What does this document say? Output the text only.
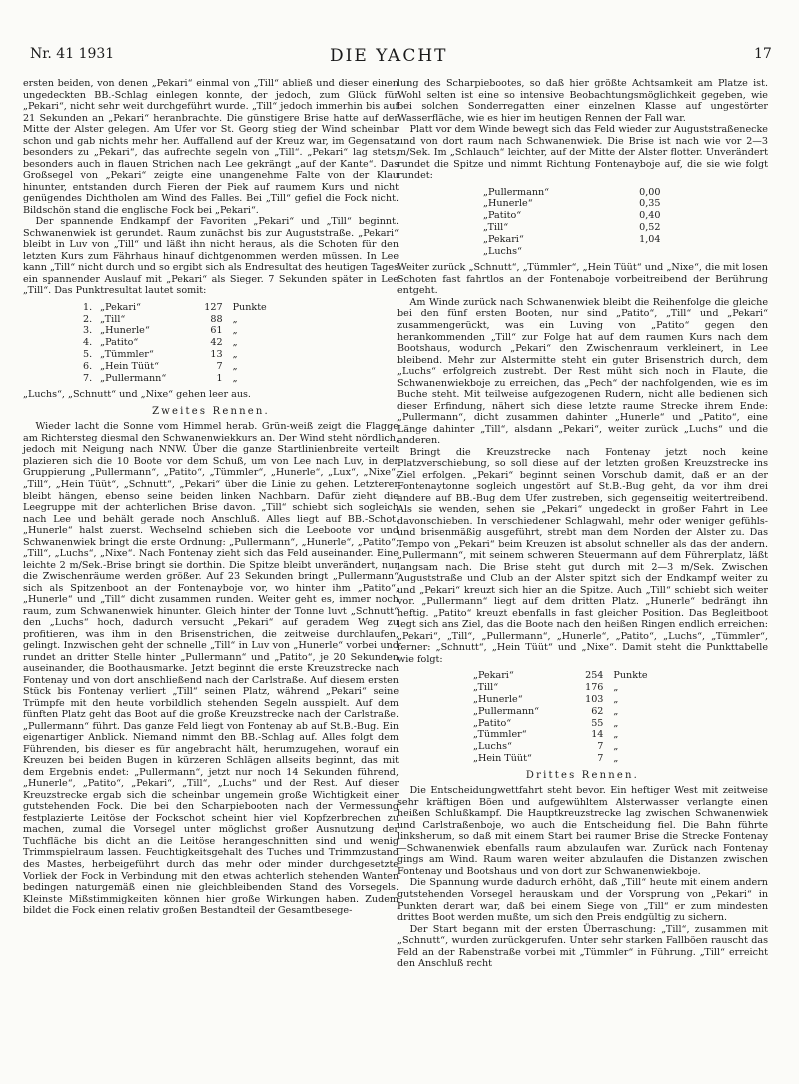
Nr. 41 1931	DIE YACHT	17

ersten beiden, von denen „Pekari“ einmal von „Till“ abließ und dieser einen ungedeckten BB.-Schlag einlegen konnte, der jedoch, zum Glück für „Pekari“, nicht sehr weit durchgeführt wurde. „Till“ jedoch immerhin bis auf 21 Sekunden an „Pekari“ heranbrachte. Die günstigere Brise hatte auf der Mitte der Alster gelegen. Am Ufer vor St. Georg stieg der Wind scheinbar schon und gab nichts mehr her. Auffallend auf der Kreuz war, im Gegensatz besonders zu „Pekari“, das aufrechte segeln von „Till“. „Pekari“ lag stets, besonders auch in flauen Strichen nach Lee gekrängt „auf der Kante“. Das Großsegel von „Pekari“ zeigte eine unangenehme Falte von der Klau hinunter, entstanden durch Fieren der Piek auf raumem Kurs und nicht genügendes Dichtholen am Wind des Falles. Bei „Till“ gefiel die Fock nicht. Bildschön stand die englische Fock bei „Pekari“.

Der spannende Endkampf der Favoriten „Pekari“ und „Till“ beginnt. Schwanenwiek ist gerundet. Raum zunächst bis zur Auguststraße. „Pekari“ bleibt in Luv von „Till“ und läßt ihn nicht heraus, als die Schoten für den letzten Kurs zum Fährhaus hinauf dichtgenommen werden müssen. In Lee kann „Till“ nicht durch und so ergibt sich als Endresultat des heutigen Tages ein spannender Auslauf mit „Pekari“ als Sieger. 7 Sekunden später in Lee „Till“. Das Punktresultat lautet somit:

1.	„Pekari“	127	Punkte
2.	„Till“	88	„
3.	„Hunerle“	61	„
4.	„Patito“	42	„
5.	„Tümmler“	13	„
6.	„Hein Tüüt“	7	„
7.	„Pullermann“	1	„

„Luchs“, „Schnutt“ und „Nixe“ gehen leer aus.

Zweites Rennen.

Wieder lacht die Sonne vom Himmel herab. Grün-weiß zeigt die Flagge am Richtersteg diesmal den Schwanenwiekkurs an. Der Wind steht nördlich, jedoch mit Neigung nach NNW. Über die ganze Startlinienbreite verteilt plazieren sich die 10 Boote vor dem Schuß, um von Lee nach Luv, in der Gruppierung „Pullermann“, „Patito“, „Tümmler“, „Hunerle“, „Lux“, „Nixe“, „Till“, „Hein Tüüt“, „Schnutt“, „Pekari“ über die Linie zu gehen. Letzterer bleibt hängen, ebenso seine beiden linken Nachbarn. Dafür zieht die Leegruppe mit der achterlichen Brise davon. „Till“ schiebt sich sogleich nach Lee und behält gerade noch Anschluß. Alles liegt auf BB.-Schot. „Hunerle“ halst zuerst. Wechselnd schieben sich die Leeboote vor und Schwanenwiek bringt die erste Ordnung: „Pullermann“, „Hunerle“, „Patito“, „Till“, „Luchs“, „Nixe“. Nach Fontenay zieht sich das Feld auseinander. Eine leichte 2 m/Sek.-Brise bringt sie dorthin. Die Spitze bleibt unverändert, nur die Zwischenräume werden größer. Auf 23 Sekunden bringt „Pullermann“ sich als Spitzenboot an der Fontenayboje vor, wo hinter ihm „Patito“, „Hunerle“ und „Till“ dicht zusammen runden. Weiter geht es, immer noch raum, zum Schwanenwiek hinunter. Gleich hinter der Tonne luvt „Schnutt“ den „Luchs“ hoch, dadurch versucht „Pekari“ auf geradem Weg zu profitieren, was ihm in den Brisenstrichen, die zeitweise durchlaufen, gelingt. Inzwischen geht der schnelle „Till“ in Luv von „Hunerle“ vorbei und rundet an dritter Stelle hinter „Pullermann“ und „Patito“, je 20 Sekunden auseinander, die Boothausmarke. Jetzt beginnt die erste Kreuzstrecke nach Fontenay und von dort anschließend nach der Carlstraße. Auf diesem ersten Stück bis Fontenay verliert „Till“ seinen Platz, während „Pekari“ seine Trümpfe mit den heute vorbildlich stehenden Segeln ausspielt. Auf dem fünften Platz geht das Boot auf die große Kreuzstrecke nach der Carlstraße. „Pullermann“ führt. Das ganze Feld liegt von Fontenay ab auf St.B.-Bug. Ein eigenartiger Anblick. Niemand nimmt den BB.-Schlag auf. Alles folgt dem Führenden, bis dieser es für angebracht hält, herumzugehen, worauf ein Kreuzen bei beiden Bugen in kürzeren Schlägen allseits beginnt, das mit dem Ergebnis endet: „Pullermann“, jetzt nur noch 14 Sekunden führend, „Hunerle“, „Patito“, „Pekari“, „Till“, „Luchs“ und der Rest. Auf dieser Kreuzstrecke ergab sich die scheinbar ungemein große Wichtigkeit einer gutstehenden Fock. Die bei den Scharpiebooten nach der Vermessung festplazierte Leitöse der Fockschot scheint hier viel Kopfzerbrechen zu machen, zumal die Vorsegel unter möglichst großer Ausnutzung der Tuchfläche bis dicht an die Leitöse herangeschnitten sind und wenig Trimmspielraum lassen. Feuchtigkeitsgehalt des Tuches und Trimmzustand des Mastes, herbeigeführt durch das mehr oder minder durchgesetzte Vorliek der Fock in Verbindung mit den etwas achterlich stehenden Wanten bedingen naturgemäß einen nie gleichbleibenden Stand des Vorsegels. Kleinste Mißstimmigkeiten können hier große Wirkungen haben. Zudem bildet die Fock einen relativ großen Bestandteil der Gesamtbesege-

lung des Scharpiebootes, so daß hier größte Achtsamkeit am Platze ist. Wohl selten ist eine so intensive Beobachtungsmöglichkeit gegeben, wie bei solchen Sonderregatten einer einzelnen Klasse auf ungestörter Wasserfläche, wie es hier im heutigen Rennen der Fall war.

Platt vor dem Winde bewegt sich das Feld wieder zur Auguststraßenecke und von dort raum nach Schwanenwiek. Die Brise ist nach wie vor 2—3 m/Sek. Im „Schlauch“ leichter, auf der Mitte der Alster flotter. Unverändert rundet die Spitze und nimmt Richtung Fontenayboje auf, die sie wie folgt rundet:

„Pullermann“	0,00
„Hunerle“	0,35
„Patito“	0,40
„Till“	0,52
„Pekari“	1,04
„Luchs“	

Weiter zurück „Schnutt“, „Tümmler“, „Hein Tüüt“ und „Nixe“, die mit losen Schoten fast fahrtlos an der Fontenaboje vorbeitreibend der Berührung entgeht.

Am Winde zurück nach Schwanenwiek bleibt die Reihenfolge die gleiche bei den fünf ersten Booten, nur sind „Patito“, „Till“ und „Pekari“ zusammengerückt, was ein Luving von „Patito“ gegen den herankommenden „Till“ zur Folge hat auf dem raumen Kurs nach dem Bootshaus, wodurch „Pekari“ den Zwischenraum verkleinert, in Lee bleibend. Mehr zur Alstermitte steht ein guter Brisenstrich durch, dem „Luchs“ erfolgreich zustrebt. Der Rest müht sich noch in Flaute, die Schwanenwiekboje zu erreichen, das „Pech“ der nachfolgenden, wie es im Buche steht. Mit teilweise aufgezogenen Rudern, nicht alle bedienen sich dieser Erfindung, nähert sich diese letzte raume Strecke ihrem Ende: „Pullermann“, dicht zusammen dahinter „Hunerle“ und „Patito“, eine Länge dahinter „Till“, alsdann „Pekari“, weiter zurück „Luchs“ und die anderen.

Bringt die Kreuzstrecke nach Fontenay jetzt noch keine Platzverschiebung, so soll diese auf der letzten großen Kreuzstrecke ins Ziel erfolgen. „Pekari“ beginnt seinen Vorschub damit, daß er an der Fontenaytonne sogleich ungestört auf St.B.-Bug geht, da vor ihm drei andere auf BB.-Bug dem Ufer zustreben, sich gegenseitig weitertreibend. Als sie wenden, sehen sie „Pekari“ ungedeckt in großer Fahrt in Lee davonschieben. In verschiedener Schlagwahl, mehr oder weniger gefühls- und brisenmäßig ausgeführt, strebt man dem Norden der Alster zu. Das Tempo von „Pekari“ beim Kreuzen ist absolut schneller als das der andern. „Pullermann“, mit seinem schweren Steuermann auf dem Führerplatz, läßt langsam nach. Die Brise steht gut durch mit 2—3 m/Sek. Zwischen Auguststraße und Club an der Alster spitzt sich der Endkampf weiter zu und „Pekari“ kreuzt sich hier an die Spitze. Auch „Till“ schiebt sich weiter vor. „Pullermann“ liegt auf dem dritten Platz. „Hunerle“ bedrängt ihn heftig. „Patito“ kreuzt ebenfalls in fast gleicher Position. Das Begleitboot legt sich ans Ziel, das die Boote nach den heißen Ringen endlich erreichen: „Pekari“, „Till“, „Pullermann“, „Hunerle“, „Patito“, „Luchs“, „Tümmler“, ferner: „Schnutt“, „Hein Tüüt“ und „Nixe“. Damit steht die Punkttabelle wie folgt:

„Pekari“	254	Punkte
„Till“	176	„
„Hunerle“	103	„
„Pullermann“	62	„
„Patito“	55	„
„Tümmler“	14	„
„Luchs“	7	„
„Hein Tüüt“	7	„
Drittes Rennen.

Die Entscheidungwettfahrt steht bevor. Ein heftiger West mit zeitweise sehr kräftigen Böen und aufgewühltem Alsterwasser verlangte einen heißen Schlußkampf. Die Hauptkreuzstrecke lag zwischen Schwanenwiek und Carlstraßenboje, wo auch die Entscheidung fiel. Die Bahn führte linksherum, so daß mit einem Start bei raumer Brise die Strecke Fontenay—Schwanenwiek ebenfalls raum abzulaufen war. Zurück nach Fontenay gings am Wind. Raum waren weiter abzulaufen die Distanzen zwischen Fontenay und Bootshaus und von dort zur Schwanenwiekboje.

Die Spannung wurde dadurch erhöht, daß „Till“ heute mit einem andern gutstehenden Vorsegel herauskam und der Vorsprung von „Pekari“ in Punkten derart war, daß bei einem Siege von „Till“ er zum mindesten drittes Boot werden mußte, um sich den Preis endgültig zu sichern.

Der Start begann mit der ersten Überraschung: „Till“, zusammen mit „Schnutt“, wurden zurückgerufen. Unter sehr starken Fallböen rauscht das Feld an der Rabenstraße vorbei mit „Tümmler“ in Führung. „Till“ erreicht den Anschluß recht
